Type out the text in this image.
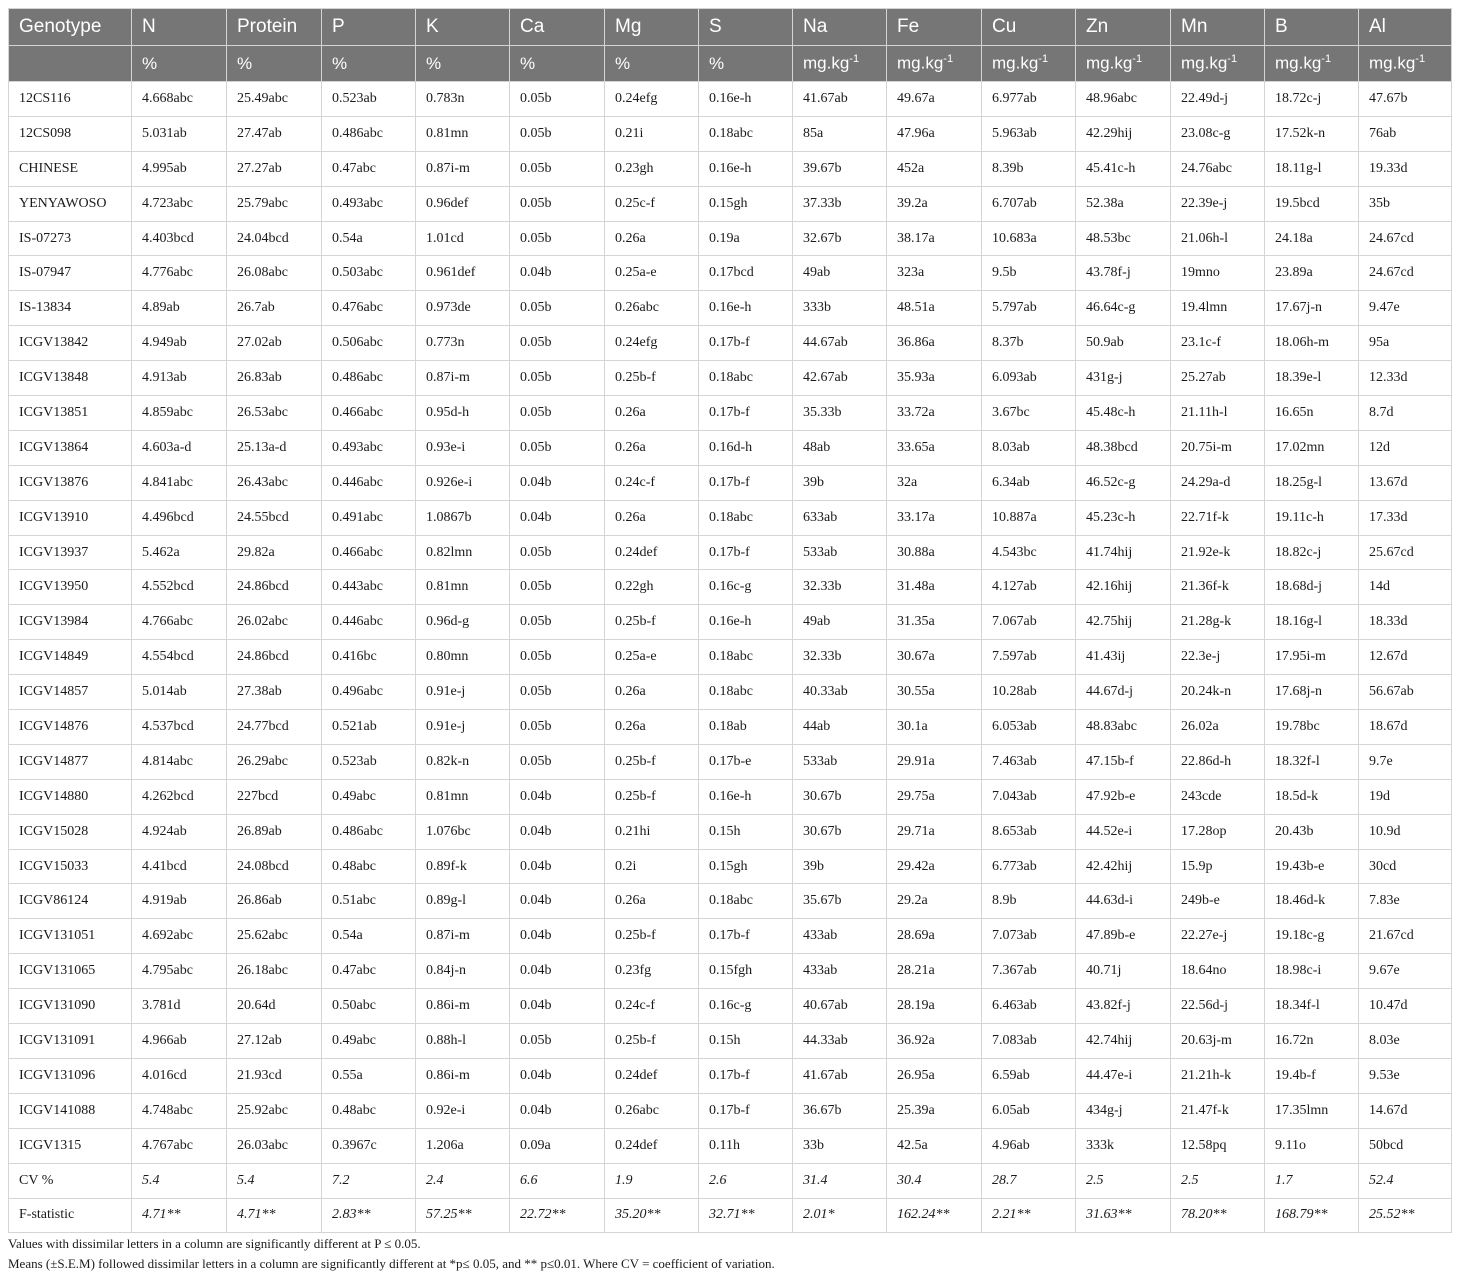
Genotype	N	Protein	P	K	Ca	Mg	S	Na	Fe	Cu	Zn	Mn	B	Al
	%	%	%	%	%	%	%	$mg.kg^{-1}$	$mg.kg^{-1}$	$mg.kg^{-1}$	$mg.kg^{-1}$	$mg.kg^{-1}$	$mg.kg^{-1}$	$mg.kg^{-1}$
12CS116	4.668abc	25.49abc	0.523ab	0.783n	0.05b	0.24efg	0.16e-h	41.67ab	49.67a	6.977ab	48.96abc	22.49d-j	18.72c-j	47.67b
12CS098	5.031ab	27.47ab	0.486abc	0.81mn	0.05b	0.21i	0.18abc	85a	47.96a	5.963ab	42.29hij	23.08c-g	17.52k-n	76ab
CHINESE	4.995ab	27.27ab	0.47abc	0.87i-m	0.05b	0.23gh	0.16e-h	39.67b	452a	8.39b	45.41c-h	24.76abc	18.11g-l	19.33d
YENYAWOSO	4.723abc	25.79abc	0.493abc	0.96def	0.05b	0.25c-f	0.15gh	37.33b	39.2a	6.707ab	52.38a	22.39e-j	19.5bcd	35b
IS-07273	4.403bcd	24.04bcd	0.54a	1.01cd	0.05b	0.26a	0.19a	32.67b	38.17a	10.683a	48.53bc	21.06h-l	24.18a	24.67cd
IS-07947	4.776abc	26.08abc	0.503abc	0.961def	0.04b	0.25a-e	0.17bcd	49ab	323a	9.5b	43.78f-j	19mno	23.89a	24.67cd
IS-13834	4.89ab	26.7ab	0.476abc	0.973de	0.05b	0.26abc	0.16e-h	333b	48.51a	5.797ab	46.64c-g	19.4lmn	17.67j-n	9.47e
ICGV13842	4.949ab	27.02ab	0.506abc	0.773n	0.05b	0.24efg	0.17b-f	44.67ab	36.86a	8.37b	50.9ab	23.1c-f	18.06h-m	95a
ICGV13848	4.913ab	26.83ab	0.486abc	0.87i-m	0.05b	0.25b-f	0.18abc	42.67ab	35.93a	6.093ab	431g-j	25.27ab	18.39e-l	12.33d
ICGV13851	4.859abc	26.53abc	0.466abc	0.95d-h	0.05b	0.26a	0.17b-f	35.33b	33.72a	3.67bc	45.48c-h	21.11h-l	16.65n	8.7d
ICGV13864	4.603a-d	25.13a-d	0.493abc	0.93e-i	0.05b	0.26a	0.16d-h	48ab	33.65a	8.03ab	48.38bcd	20.75i-m	17.02mn	12d
ICGV13876	4.841abc	26.43abc	0.446abc	0.926e-i	0.04b	0.24c-f	0.17b-f	39b	32a	6.34ab	46.52c-g	24.29a-d	18.25g-l	13.67d
ICGV13910	4.496bcd	24.55bcd	0.491abc	1.0867b	0.04b	0.26a	0.18abc	633ab	33.17a	10.887a	45.23c-h	22.71f-k	19.11c-h	17.33d
ICGV13937	5.462a	29.82a	0.466abc	0.82lmn	0.05b	0.24def	0.17b-f	533ab	30.88a	4.543bc	41.74hij	21.92e-k	18.82c-j	25.67cd
ICGV13950	4.552bcd	24.86bcd	0.443abc	0.81mn	0.05b	0.22gh	0.16c-g	32.33b	31.48a	4.127ab	42.16hij	21.36f-k	18.68d-j	14d
ICGV13984	4.766abc	26.02abc	0.446abc	0.96d-g	0.05b	0.25b-f	0.16e-h	49ab	31.35a	7.067ab	42.75hij	21.28g-k	18.16g-l	18.33d
ICGV14849	4.554bcd	24.86bcd	0.416bc	0.80mn	0.05b	0.25a-e	0.18abc	32.33b	30.67a	7.597ab	41.43ij	22.3e-j	17.95i-m	12.67d
ICGV14857	5.014ab	27.38ab	0.496abc	0.91e-j	0.05b	0.26a	0.18abc	40.33ab	30.55a	10.28ab	44.67d-j	20.24k-n	17.68j-n	56.67ab
ICGV14876	4.537bcd	24.77bcd	0.521ab	0.91e-j	0.05b	0.26a	0.18ab	44ab	30.1a	6.053ab	48.83abc	26.02a	19.78bc	18.67d
ICGV14877	4.814abc	26.29abc	0.523ab	0.82k-n	0.05b	0.25b-f	0.17b-e	533ab	29.91a	7.463ab	47.15b-f	22.86d-h	18.32f-l	9.7e
ICGV14880	4.262bcd	227bcd	0.49abc	0.81mn	0.04b	0.25b-f	0.16e-h	30.67b	29.75a	7.043ab	47.92b-e	243cde	18.5d-k	19d
ICGV15028	4.924ab	26.89ab	0.486abc	1.076bc	0.04b	0.21hi	0.15h	30.67b	29.71a	8.653ab	44.52e-i	17.28op	20.43b	10.9d
ICGV15033	4.41bcd	24.08bcd	0.48abc	0.89f-k	0.04b	0.2i	0.15gh	39b	29.42a	6.773ab	42.42hij	15.9p	19.43b-e	30cd
ICGV86124	4.919ab	26.86ab	0.51abc	0.89g-l	0.04b	0.26a	0.18abc	35.67b	29.2a	8.9b	44.63d-i	249b-e	18.46d-k	7.83e
ICGV131051	4.692abc	25.62abc	0.54a	0.87i-m	0.04b	0.25b-f	0.17b-f	433ab	28.69a	7.073ab	47.89b-e	22.27e-j	19.18c-g	21.67cd
ICGV131065	4.795abc	26.18abc	0.47abc	0.84j-n	0.04b	0.23fg	0.15fgh	433ab	28.21a	7.367ab	40.71j	18.64no	18.98c-i	9.67e
ICGV131090	3.781d	20.64d	0.50abc	0.86i-m	0.04b	0.24c-f	0.16c-g	40.67ab	28.19a	6.463ab	43.82f-j	22.56d-j	18.34f-l	10.47d
ICGV131091	4.966ab	27.12ab	0.49abc	0.88h-l	0.05b	0.25b-f	0.15h	44.33ab	36.92a	7.083ab	42.74hij	20.63j-m	16.72n	8.03e
ICGV131096	4.016cd	21.93cd	0.55a	0.86i-m	0.04b	0.24def	0.17b-f	41.67ab	26.95a	6.59ab	44.47e-i	21.21h-k	19.4b-f	9.53e
ICGV141088	4.748abc	25.92abc	0.48abc	0.92e-i	0.04b	0.26abc	0.17b-f	36.67b	25.39a	6.05ab	434g-j	21.47f-k	17.35lmn	14.67d
ICGV1315	4.767abc	26.03abc	0.3967c	1.206a	0.09a	0.24def	0.11h	33b	42.5a	4.96ab	333k	12.58pq	9.11o	50bcd
CV %	5.4	5.4	7.2	2.4	6.6	1.9	2.6	31.4	30.4	28.7	2.5	2.5	1.7	52.4
F-statistic	4.71**	4.71**	2.83**	57.25**	22.72**	35.20**	32.71**	2.01*	162.24**	2.21**	31.63**	78.20**	168.79**	25.52**
Values with dissimilar letters in a column are significantly different at P ≤ 0.05.
Means (±S.E.M) followed dissimilar letters in a column are significantly different at *p≤ 0.05, and ** p≤0.01. Where CV = coefficient of variation.
